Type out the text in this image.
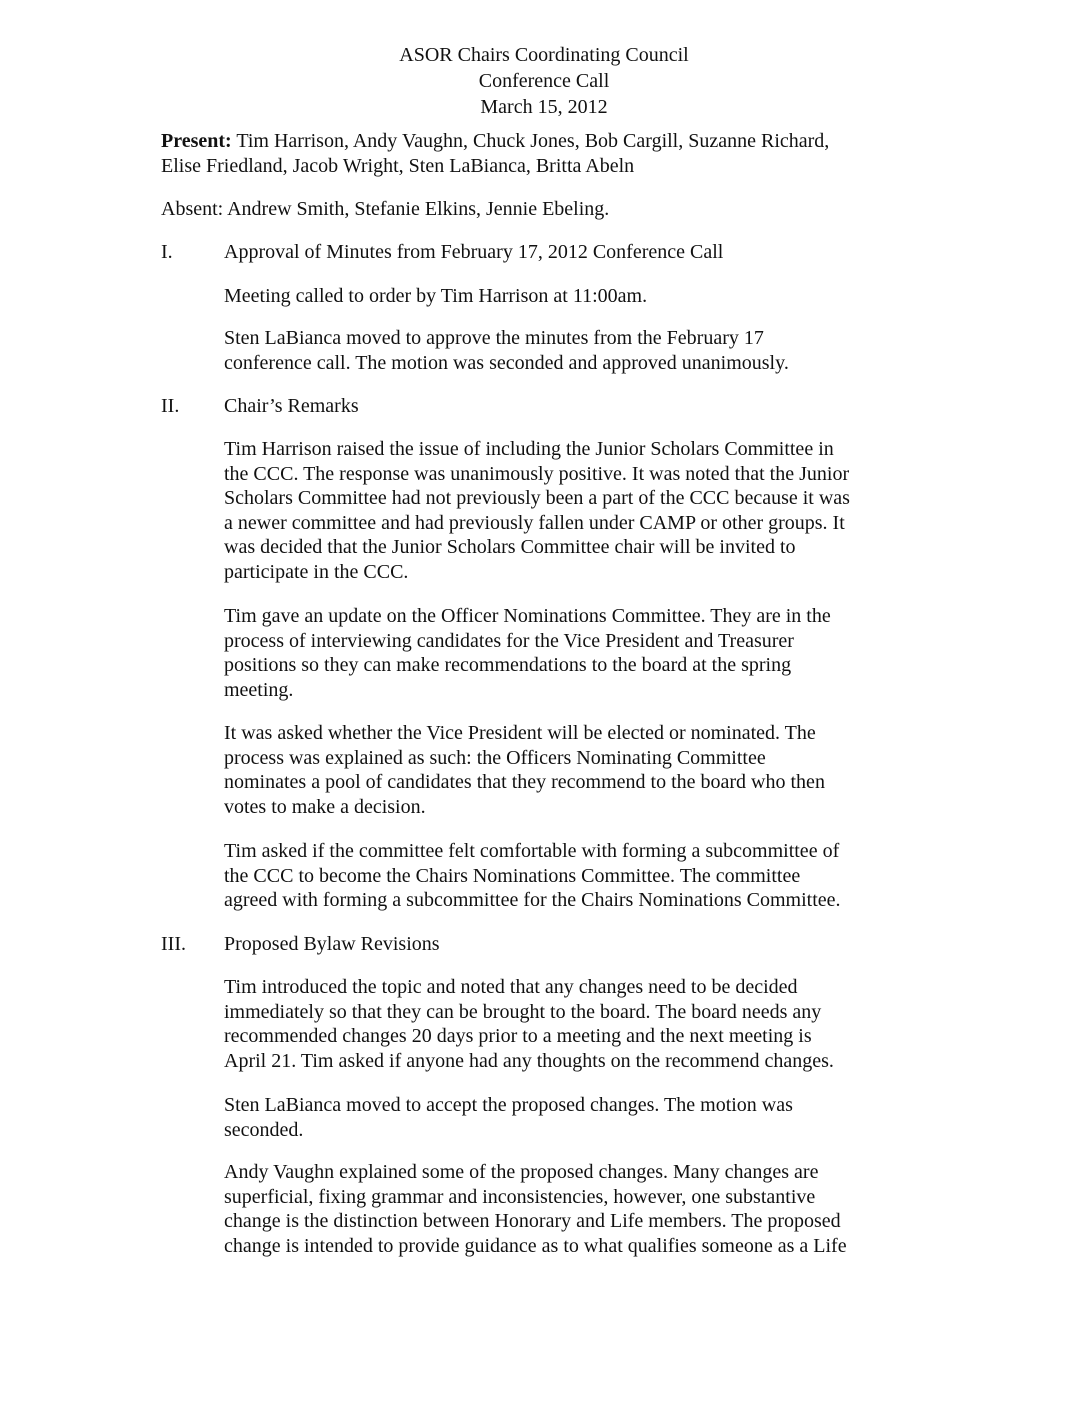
ASOR Chairs Coordinating Council
Conference Call
March 15, 2012
Present: Tim Harrison, Andy Vaughn, Chuck Jones, Bob Cargill, Suzanne Richard,
Elise Friedland, Jacob Wright, Sten LaBianca, Britta Abeln
Absent: Andrew Smith, Stefanie Elkins, Jennie Ebeling.
I.	Approval of Minutes from February 17, 2012 Conference Call
Meeting called to order by Tim Harrison at 11:00am.
Sten LaBianca moved to approve the minutes from the February 17
conference call. The motion was seconded and approved unanimously.
II. Chair’s Remarks
Tim Harrison raised the issue of including the Junior Scholars Committee in
the CCC. The response was unanimously positive. It was noted that the Junior
Scholars Committee had not previously been a part of the CCC because it was
a newer committee and had previously fallen under CAMP or other groups. It
was decided that the Junior Scholars Committee chair will be invited to
participate in the CCC.
Tim gave an update on the Officer Nominations Committee. They are in the
process of interviewing candidates for the Vice President and Treasurer
positions so they can make recommendations to the board at the spring
meeting.
It was asked whether the Vice President will be elected or nominated. The
process was explained as such: the Officers Nominating Committee
nominates a pool of candidates that they recommend to the board who then
votes to make a decision.
Tim asked if the committee felt comfortable with forming a subcommittee of
the CCC to become the Chairs Nominations Committee. The committee
agreed with forming a subcommittee for the Chairs Nominations Committee.
III. Proposed Bylaw Revisions
Tim introduced the topic and noted that any changes need to be decided
immediately so that they can be brought to the board. The board needs any
recommended changes 20 days prior to a meeting and the next meeting is
April 21. Tim asked if anyone had any thoughts on the recommend changes.
Sten LaBianca moved to accept the proposed changes. The motion was
seconded.
Andy Vaughn explained some of the proposed changes. Many changes are
superficial, fixing grammar and inconsistencies, however, one substantive
change is the distinction between Honorary and Life members. The proposed
change is intended to provide guidance as to what qualifies someone as a Life
